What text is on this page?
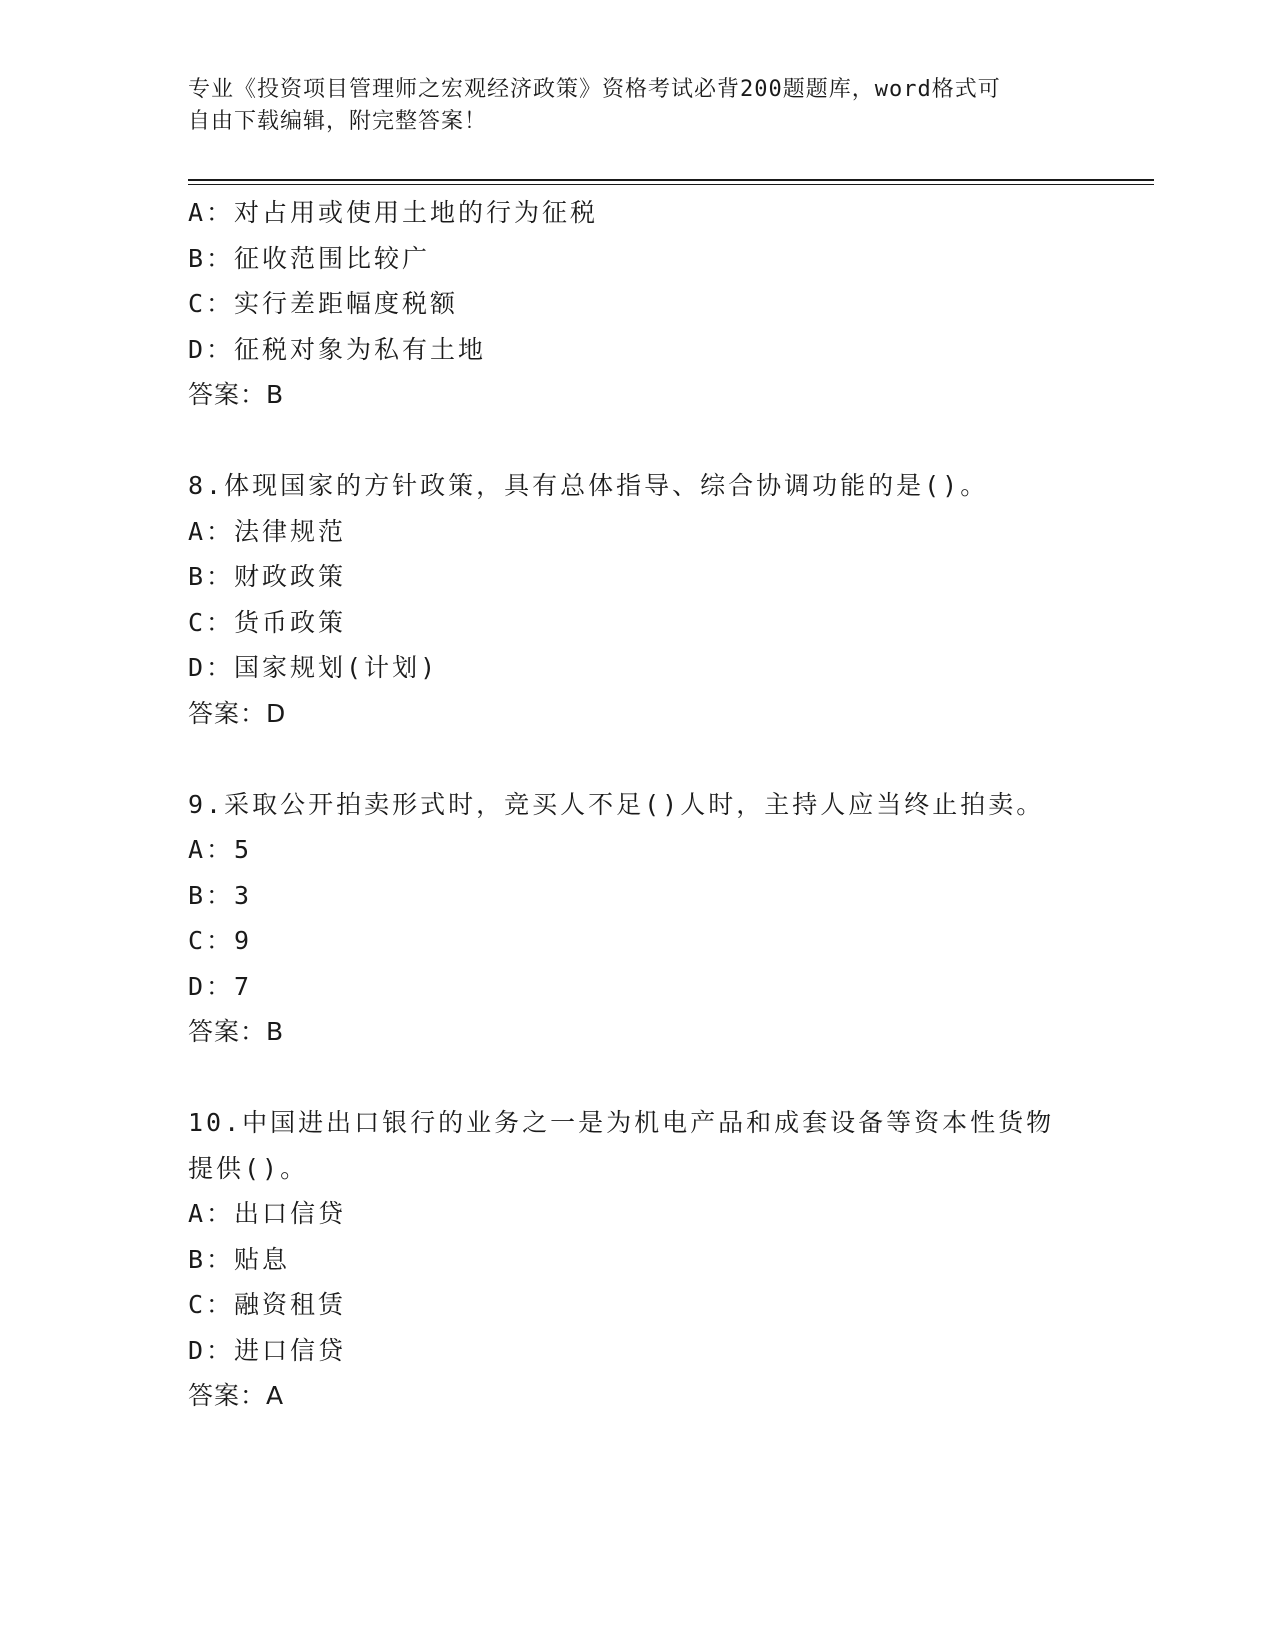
专业《投资项目管理师之宏观经济政策》资格考试必背200题题库，word格式可
自由下载编辑，附完整答案！
A：对占用或使用土地的行为征税
B：征收范围比较广
C：实行差距幅度税额
D：征税对象为私有土地
答案：B
8.体现国家的方针政策，具有总体指导、综合协调功能的是()。
A：法律规范
B：财政政策
C：货币政策
D：国家规划(计划)
答案：D
9.采取公开拍卖形式时，竞买人不足()人时，主持人应当终止拍卖。
A：5
B：3
C：9
D：7
答案：B
10.中国进出口银行的业务之一是为机电产品和成套设备等资本性货物
提供()。
A：出口信贷
B：贴息
C：融资租赁
D：进口信贷
答案：A
